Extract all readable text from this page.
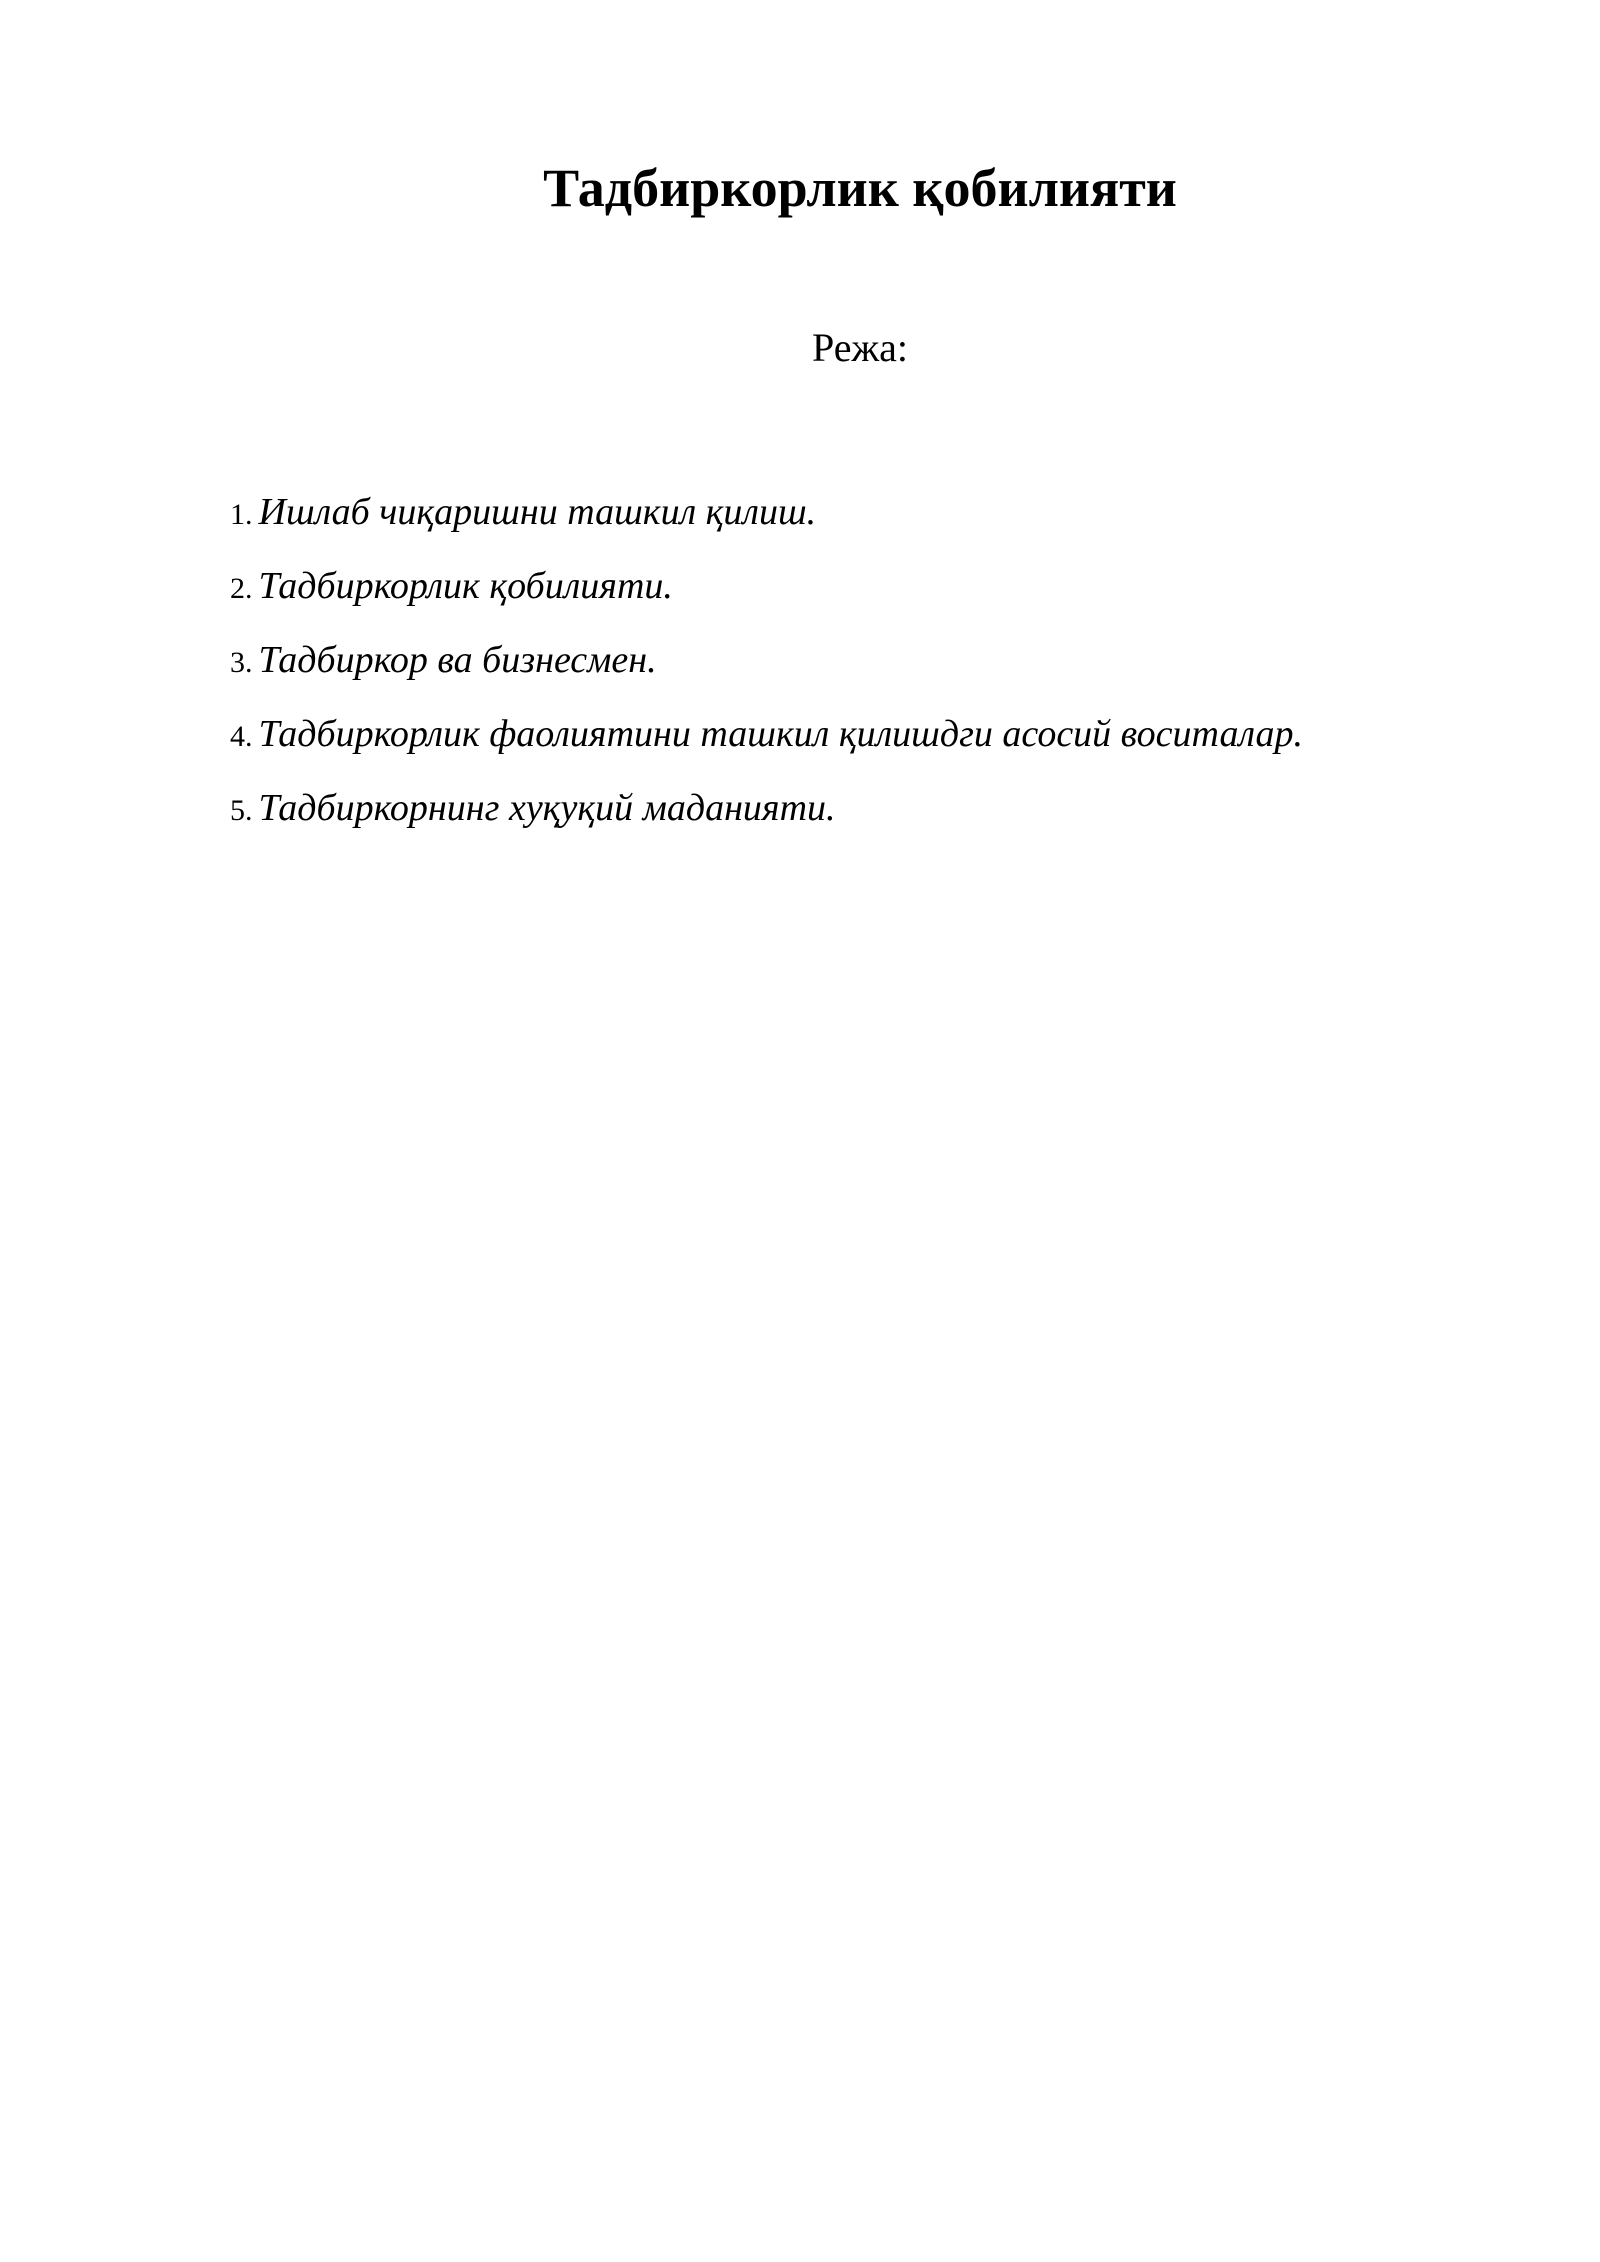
Тадбиркорлик қобилияти
Режа:
1. Ишлаб чиқаришни ташкил қилиш.
2. Тадбиркорлик қобилияти.
3. Тадбиркор ва бизнесмен.
4. Тадбиркорлик фаолиятини ташкил қилишдги асосий воситалар.
5. Тадбиркорнинг хуқуқий маданияти.
